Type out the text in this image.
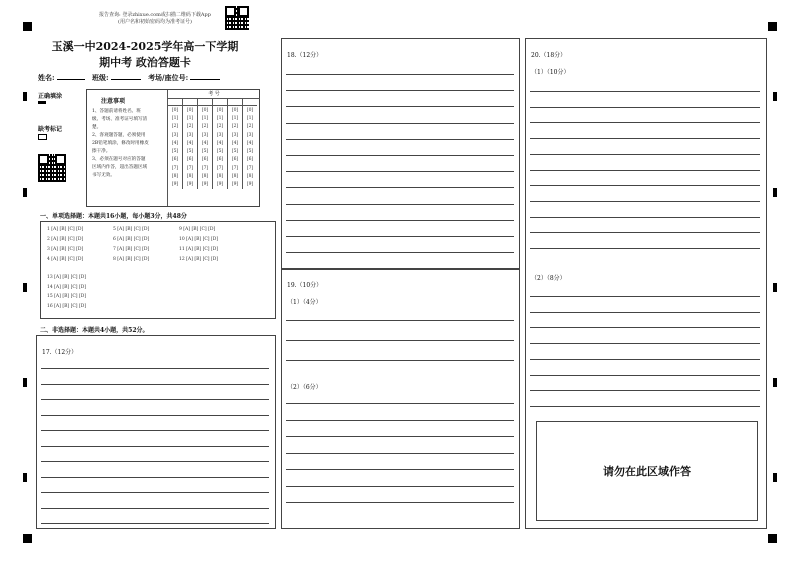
报告查询: 登录zhixue.com或扫描二维码下载App
(用户名和初始密码均为准考证号)
玉溪一中2024-2025学年高一下学期
期中考 政治答题卡
姓名:	班级:	考场/座位号:
正确填涂
缺考标记
注意事项
1、答题前请将姓名、班
级、考场、准考证号填写清
楚。
2、客观题答题，必须使用
2B铅笔填涂，修改时用橡皮
擦干净。
3、必须在题号对应的答题
区域内作答，超出答题区域
书写无效。
考 号

[0]	[0]	[0]	[0]	[0]	[0]
[1]	[1]	[1]	[1]	[1]	[1]
[2]	[2]	[2]	[2]	[2]	[2]
[3]	[3]	[3]	[3]	[3]	[3]
[4]	[4]	[4]	[4]	[4]	[4]
[5]	[5]	[5]	[5]	[5]	[5]
[6]	[6]	[6]	[6]	[6]	[6]
[7]	[7]	[7]	[7]	[7]	[7]
[8]	[8]	[8]	[8]	[8]	[8]
[9]	[9]	[9]	[9]	[9]	[9]
一、单项选择题：本题共16小题，每小题3分，共48分
1 [A] [B] [C] [D]	5 [A] [B] [C] [D]	9 [A] [B] [C] [D]
2 [A] [B] [C] [D]	6 [A] [B] [C] [D]	10 [A] [B] [C] [D]
3 [A] [B] [C] [D]	7 [A] [B] [C] [D]	11 [A] [B] [C] [D]
4 [A] [B] [C] [D]	8 [A] [B] [C] [D]	12 [A] [B] [C] [D]
13 [A] [B] [C] [D]
14 [A] [B] [C] [D]
15 [A] [B] [C] [D]
16 [A] [B] [C] [D]
二、非选择题：本题共4小题，共52分。
17.（12分）
18.（12分）
19.（10分）
（1）（4分）
（2）（6分）
20.（18分）
（1）（10分）
（2）（8分）
请勿在此区域作答
